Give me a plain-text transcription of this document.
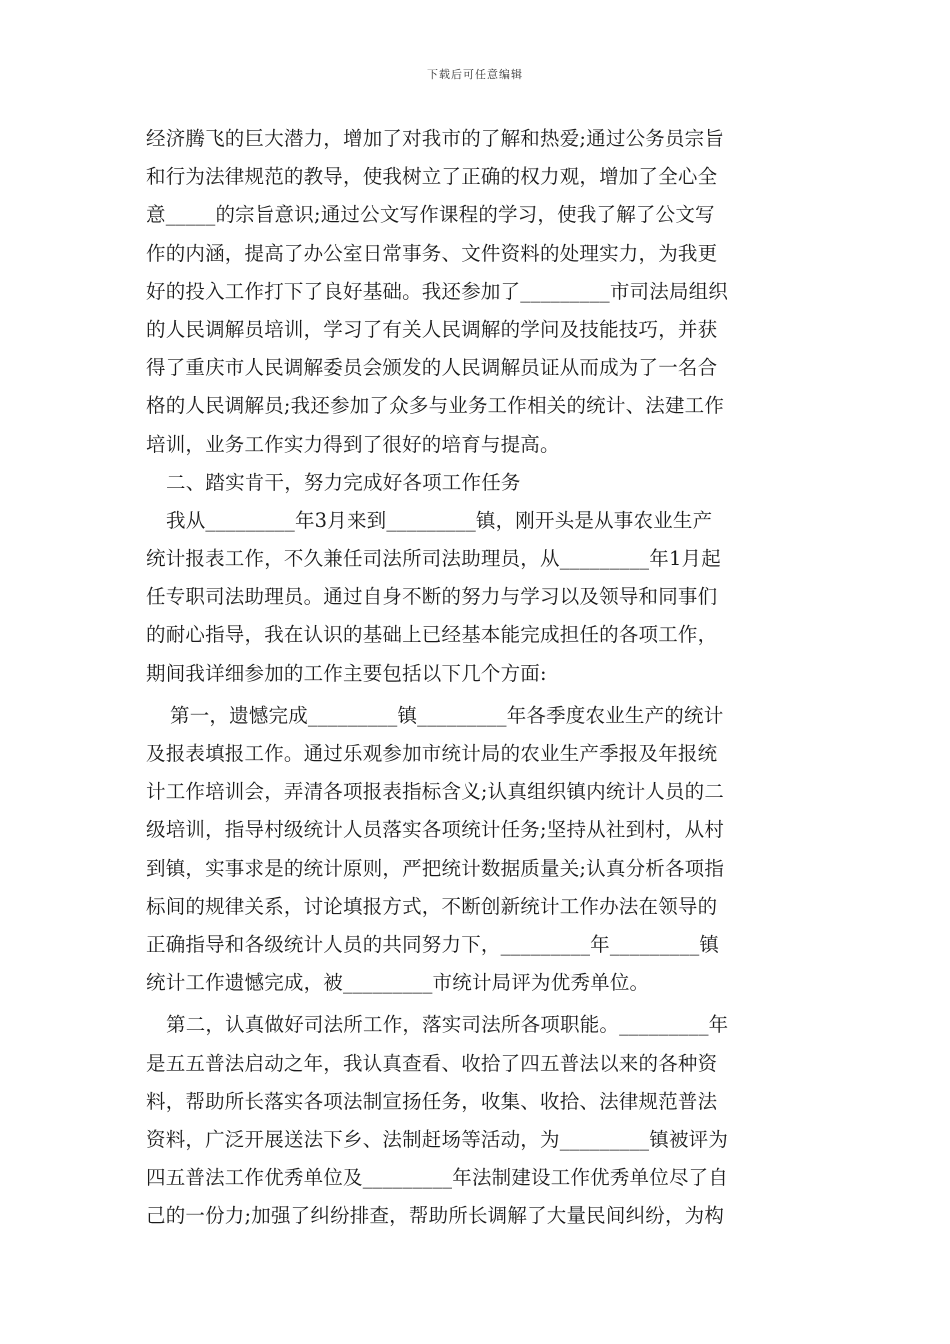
下载后可任意编辑
经济腾飞的巨大潜力，增加了对我市的了解和热爱;通过公务员宗旨
和行为法律规范的教导，使我树立了正确的权力观，增加了全心全
意_____的宗旨意识;通过公文写作课程的学习，使我了解了公文写
作的内涵，提高了办公室日常事务、文件资料的处理实力，为我更
好的投入工作打下了良好基础。我还参加了_________市司法局组织
的人民调解员培训，学习了有关人民调解的学问及技能技巧，并获
得了重庆市人民调解委员会颁发的人民调解员证从而成为了一名合
格的人民调解员;我还参加了众多与业务工作相关的统计、法建工作
培训，业务工作实力得到了很好的培育与提高。
二、踏实肯干，努力完成好各项工作任务
我从_________年3月来到_________镇，刚开头是从事农业生产
统计报表工作，不久兼任司法所司法助理员，从_________年1月起
任专职司法助理员。通过自身不断的努力与学习以及领导和同事们
的耐心指导，我在认识的基础上已经基本能完成担任的各项工作，
期间我详细参加的工作主要包括以下几个方面:
第一，遗憾完成_________镇_________年各季度农业生产的统计
及报表填报工作。通过乐观参加市统计局的农业生产季报及年报统
计工作培训会，弄清各项报表指标含义;认真组织镇内统计人员的二
级培训，指导村级统计人员落实各项统计任务;坚持从社到村，从村
到镇，实事求是的统计原则，严把统计数据质量关;认真分析各项指
标间的规律关系，讨论填报方式，不断创新统计工作办法在领导的
正确指导和各级统计人员的共同努力下，_________年_________镇
统计工作遗憾完成，被_________市统计局评为优秀单位。
第二，认真做好司法所工作，落实司法所各项职能。_________年
是五五普法启动之年，我认真查看、收拾了四五普法以来的各种资
料，帮助所长落实各项法制宣扬任务，收集、收拾、法律规范普法
资料，广泛开展送法下乡、法制赶场等活动，为_________镇被评为
四五普法工作优秀单位及_________年法制建设工作优秀单位尽了自
己的一份力;加强了纠纷排查，帮助所长调解了大量民间纠纷，为构
